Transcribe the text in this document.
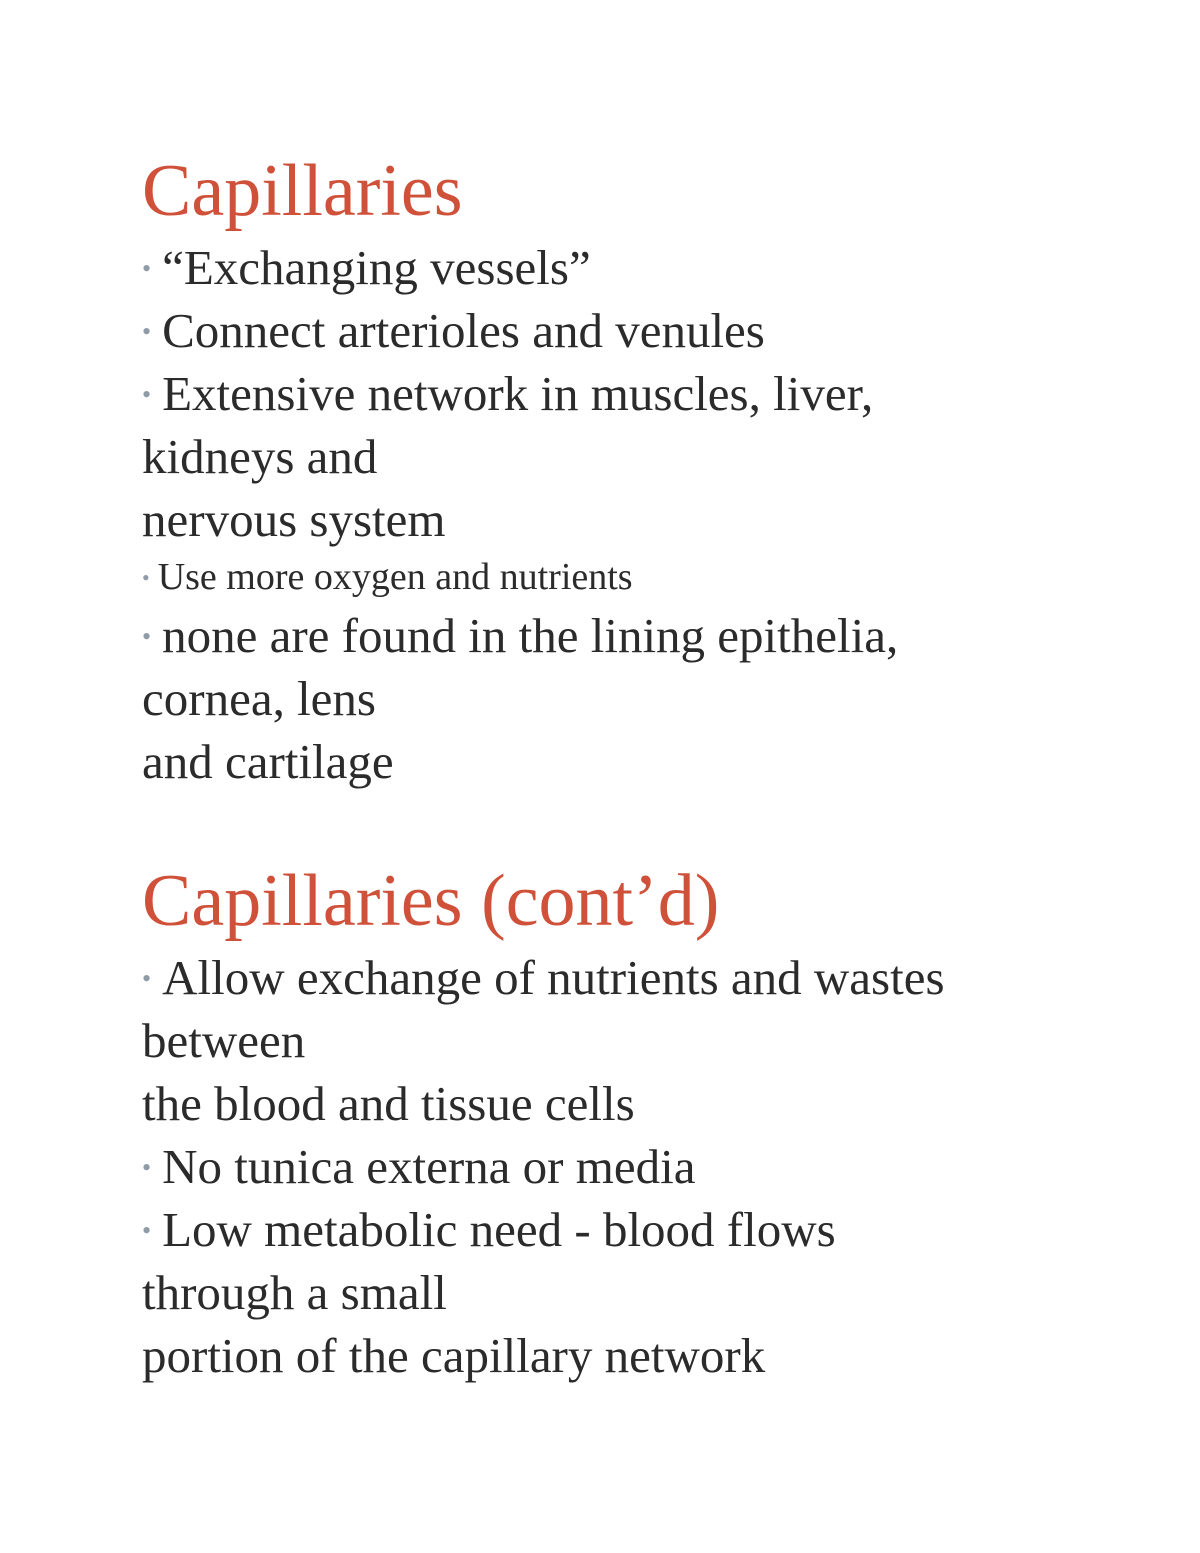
Capillaries
• “Exchanging vessels”
• Connect arterioles and venules
• Extensive network in muscles, liver,
kidneys and
nervous system
• Use more oxygen and nutrients
• none are found in the lining epithelia,
cornea, lens
and cartilage
Capillaries (cont’d)
• Allow exchange of nutrients and wastes
between
the blood and tissue cells
• No tunica externa or media
• Low metabolic need - blood flows
through a small
portion of the capillary network
